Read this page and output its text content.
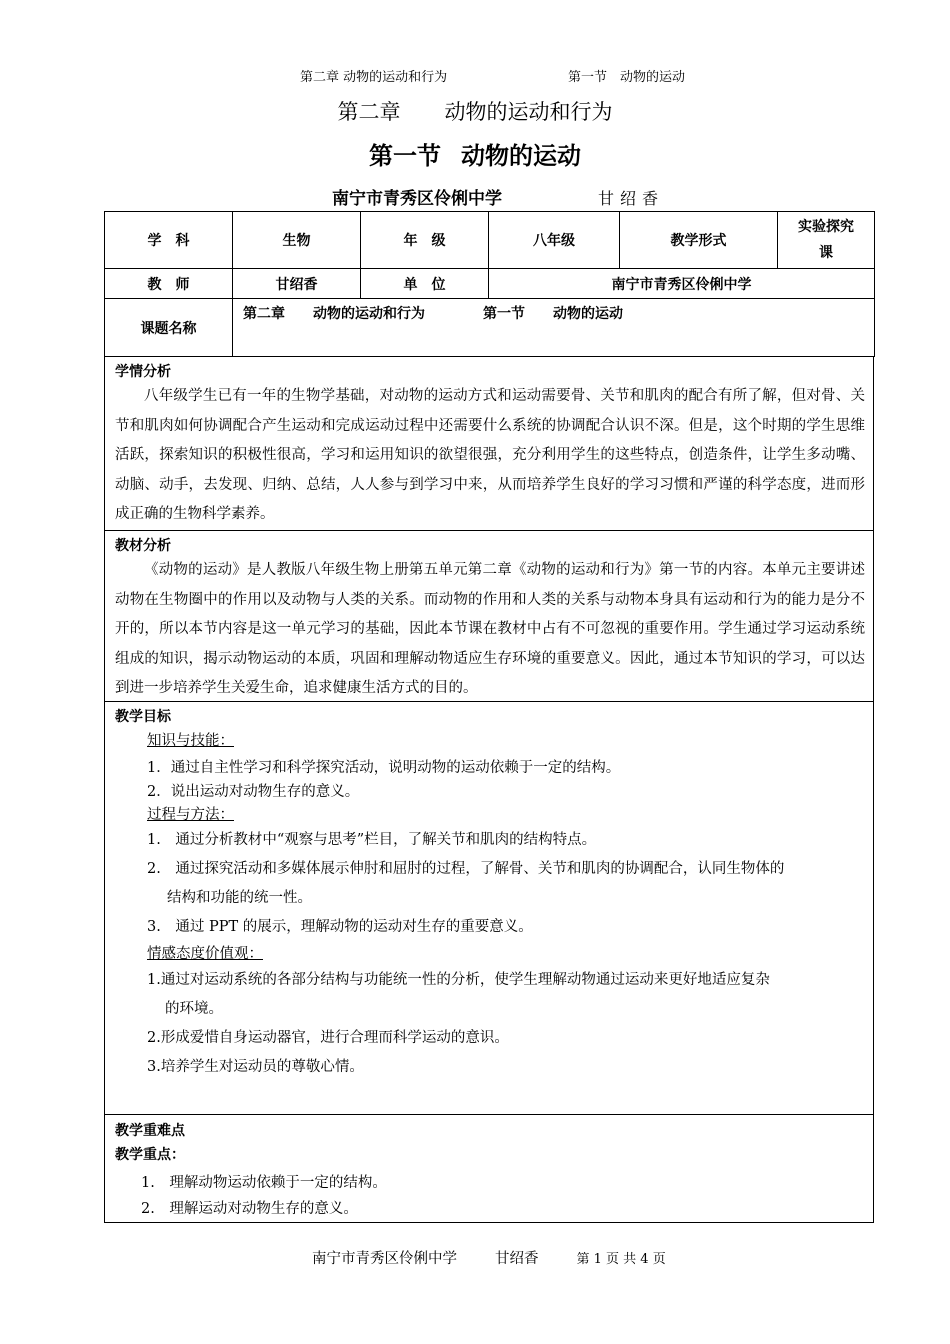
第二章 动物的运动和行为	第一节　动物的运动
第二章 动物的运动和行为
第一节 动物的运动
南宁市青秀区伶俐中学	甘绍香
学　科	生物	年　级	八年级	教学形式	实验探究课
教　师	甘绍香	单　位	南宁市青秀区伶俐中学		
课题名称	第二章 动物的运动和行为 第一节 动物的运动				
学情分析

八年级学生已有一年的生物学基础，对动物的运动方式和运动需要骨、关节和肌肉的配合有所了解，但对骨、关节和肌肉如何协调配合产生运动和完成运动过程中还需要什么系统的协调配合认识不深。但是，这个时期的学生思维活跃，探索知识的积极性很高，学习和运用知识的欲望很强，充分利用学生的这些特点，创造条件，让学生多动嘴、动脑、动手，去发现、归纳、总结，人人参与到学习中来，从而培养学生良好的学习习惯和严谨的科学态度，进而形成正确的生物科学素养。

教材分析

《动物的运动》是人教版八年级生物上册第五单元第二章《动物的运动和行为》第一节的内容。本单元主要讲述动物在生物圈中的作用以及动物与人类的关系。而动物的作用和人类的关系与动物本身具有运动和行为的能力是分不开的，所以本节内容是这一单元学习的基础，因此本节课在教材中占有不可忽视的重要作用。学生通过学习运动系统组成的知识，揭示动物运动的本质，巩固和理解动物适应生存环境的重要意义。因此，通过本节知识的学习，可以达到进一步培养学生关爱生命，追求健康生活方式的目的。

教学目标
知识与技能：
1．通过自主性学习和科学探究活动，说明动物的运动依赖于一定的结构。
2．说出运动对动物生存的意义。
过程与方法：
1.　通过分析教材中“观察与思考”栏目，了解关节和肌肉的结构特点。
2.　通过探究活动和多媒体展示伸肘和屈肘的过程，了解骨、关节和肌肉的协调配合，认同生物体的
结构和功能的统一性。
3.　通过 PPT 的展示，理解动物的运动对生存的重要意义。
情感态度价值观：
1.通过对运动系统的各部分结构与功能统一性的分析，使学生理解动物通过运动来更好地适应复杂
的环境。
2.形成爱惜自身运动器官，进行合理而科学运动的意识。
3.培养学生对运动员的尊敬心情。
教学重难点
教学重点：
1.　理解动物运动依赖于一定的结构。
2.　理解运动对动物生存的意义。
南宁市青秀区伶俐中学	甘绍香	第 1 页 共 4 页
